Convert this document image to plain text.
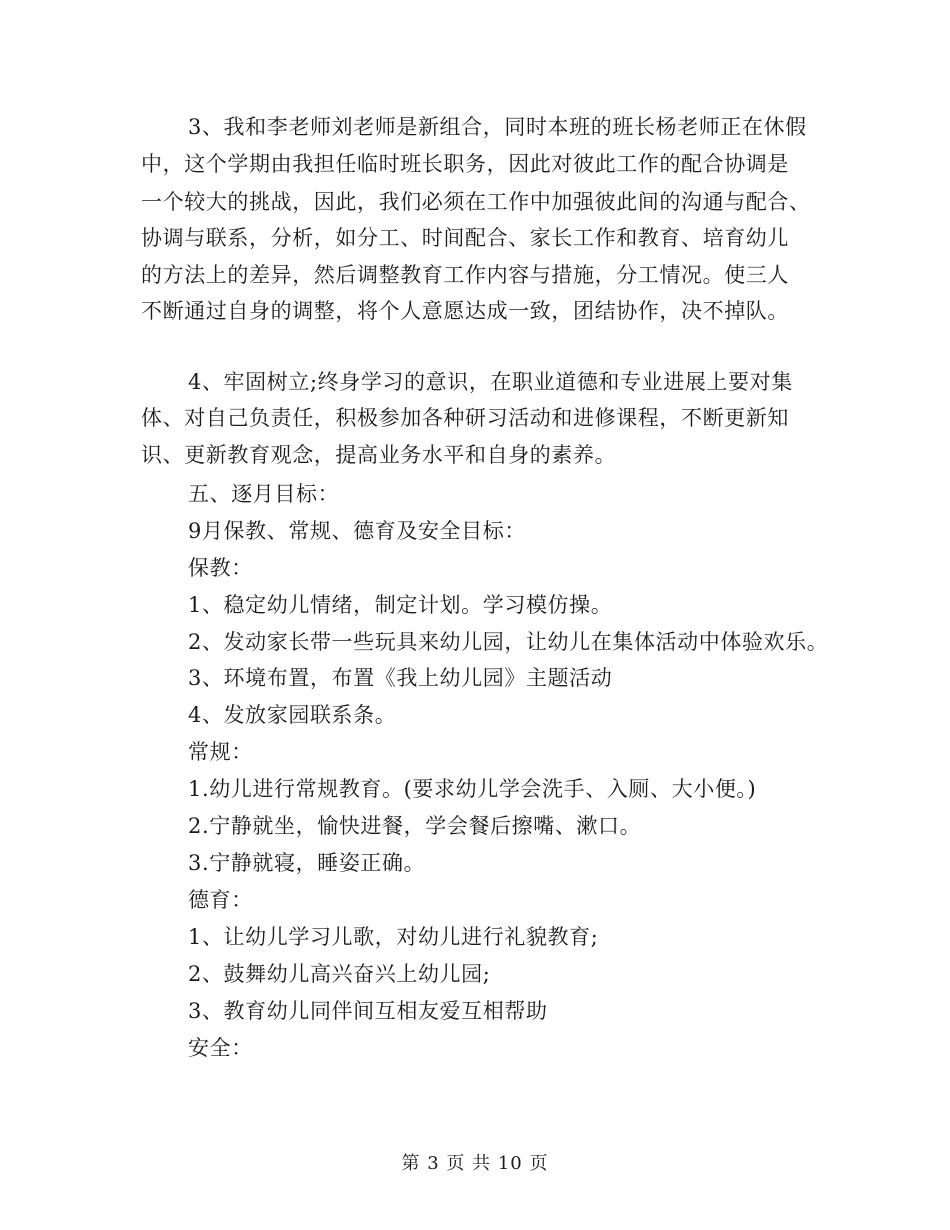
3、我和李老师刘老师是新组合，同时本班的班长杨老师正在休假
中，这个学期由我担任临时班长职务，因此对彼此工作的配合协调是
一个较大的挑战，因此，我们必须在工作中加强彼此间的沟通与配合、
协调与联系，分析，如分工、时间配合、家长工作和教育、培育幼儿
的方法上的差异，然后调整教育工作内容与措施，分工情况。使三人
不断通过自身的调整，将个人意愿达成一致，团结协作，决不掉队。
4、牢固树立;终身学习的意识，在职业道德和专业进展上要对集
体、对自己负责任，积极参加各种研习活动和进修课程，不断更新知
识、更新教育观念，提高业务水平和自身的素养。
五、逐月目标：
9月保教、常规、德育及安全目标：
保教：
1、稳定幼儿情绪，制定计划。学习模仿操。
2、发动家长带一些玩具来幼儿园，让幼儿在集体活动中体验欢乐。
3、环境布置，布置《我上幼儿园》主题活动
4、发放家园联系条。
常规：
1.幼儿进行常规教育。(要求幼儿学会洗手、入厕、大小便。)
2.宁静就坐，愉快进餐，学会餐后擦嘴、漱口。
3.宁静就寝，睡姿正确。
德育：
1、让幼儿学习儿歌，对幼儿进行礼貌教育;
2、鼓舞幼儿高兴奋兴上幼儿园;
3、教育幼儿同伴间互相友爱互相帮助
安全：
第 3 页 共 10 页
